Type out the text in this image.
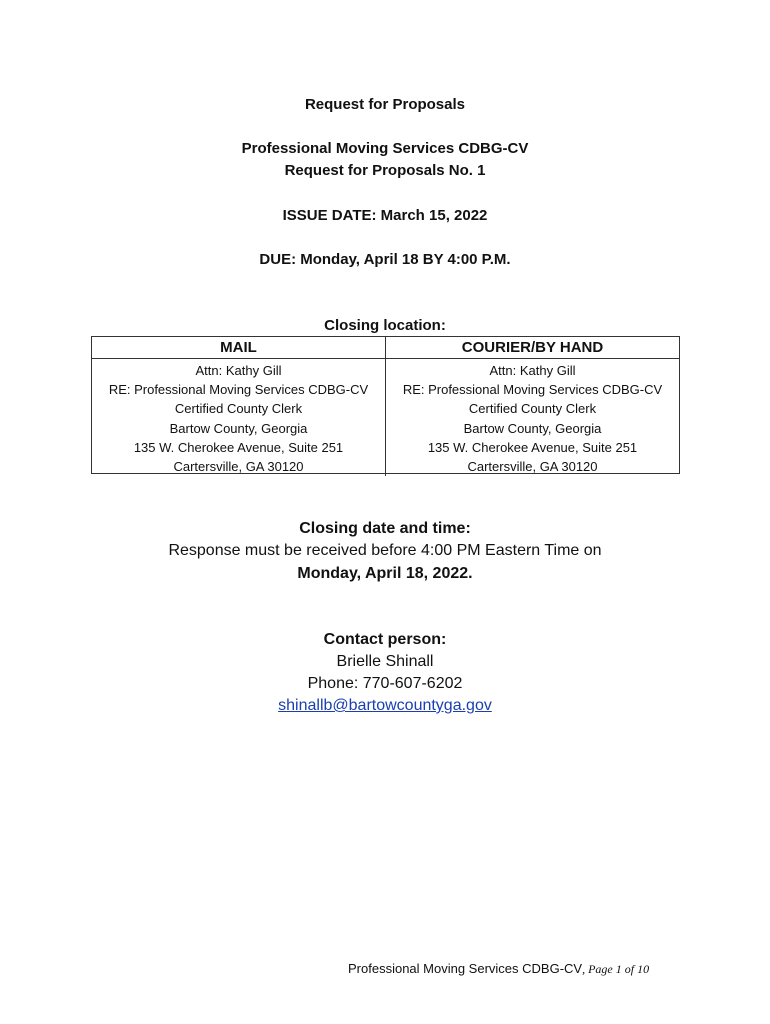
Request for Proposals
Professional Moving Services CDBG-CV
Request for Proposals No. 1
ISSUE DATE: March 15, 2022
DUE: Monday, April 18 BY 4:00 P.M.
Closing location:
MAIL	COURIER/BY HAND
Attn: Kathy Gill
RE: Professional Moving Services CDBG-CV
Certified County Clerk
Bartow County, Georgia
135 W. Cherokee Avenue, Suite 251
Cartersville, GA 30120
Attn: Kathy Gill
RE: Professional Moving Services CDBG-CV
Certified County Clerk
Bartow County, Georgia
135 W. Cherokee Avenue, Suite 251
Cartersville, GA 30120
Closing date and time:
Response must be received before 4:00 PM Eastern Time on
Monday, April 18, 2022.
Contact person:
Brielle Shinall
Phone: 770-607-6202
shinallb@bartowcountyga.gov
Professional Moving Services CDBG-CV, Page 1 of 10
